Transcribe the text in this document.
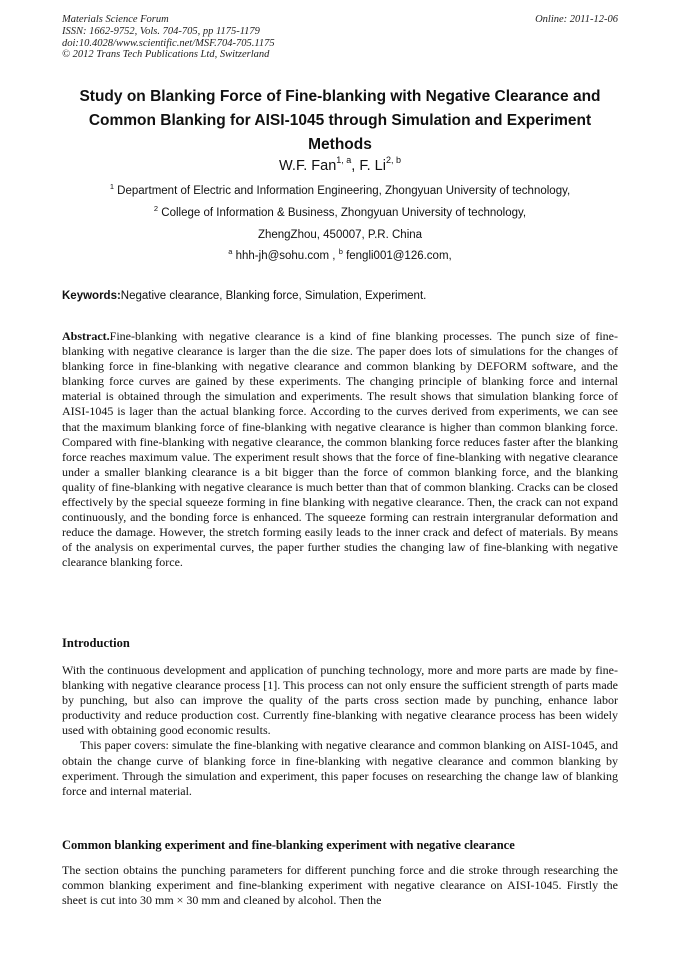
Materials Science Forum
ISSN: 1662-9752, Vols. 704-705, pp 1175-1179
doi:10.4028/www.scientific.net/MSF.704-705.1175
© 2012 Trans Tech Publications Ltd, Switzerland
Online: 2011-12-06
Study on Blanking Force of Fine-blanking with Negative Clearance and Common Blanking for AISI-1045 through Simulation and Experiment Methods
W.F. Fan$^{1, a}$, F. Li$^{2, b}$
$^1$ Department of Electric and Information Engineering, Zhongyuan University of technology,
$^2$ College of Information & Business, Zhongyuan University of technology,
ZhengZhou, 450007, P.R. China
$^a$ hhh-jh@sohu.com , $^b$ fengli001@126.com,
Keywords:Negative clearance, Blanking force, Simulation, Experiment.
Abstract.Fine-blanking with negative clearance is a kind of fine blanking processes. The punch size of fine-blanking with negative clearance is larger than the die size. The paper does lots of simulations for the changes of blanking force in fine-blanking with negative clearance and common blanking by DEFORM software, and the blanking force curves are gained by these experiments. The changing principle of blanking force and internal material is obtained through the simulation and experiments. The result shows that simulation blanking force of AISI-1045 is lager than the actual blanking force. According to the curves derived from experiments, we can see that the maximum blanking force of fine-blanking with negative clearance is higher than common blanking force. Compared with fine-blanking with negative clearance, the common blanking force reduces faster after the blanking force reaches maximum value. The experiment result shows that the force of fine-blanking with negative clearance under a smaller blanking clearance is a bit bigger than the force of common blanking force, and the blanking quality of fine-blanking with negative clearance is much better than that of common blanking. Cracks can be closed effectively by the special squeeze forming in fine blanking with negative clearance. Then, the crack can not expand continuously, and the bonding force is enhanced. The squeeze forming can restrain intergranular deformation and reduce the damage. However, the stretch forming easily leads to the inner crack and defect of materials. By means of the analysis on experimental curves, the paper further studies the changing law of fine-blanking with negative clearance blanking force.
Introduction

With the continuous development and application of punching technology, more and more parts are made by fine-blanking with negative clearance process [1]. This process can not only ensure the sufficient strength of parts made by punching, but also can improve the quality of the parts cross section made by punching, enhance labor productivity and reduce production cost. Currently fine-blanking with negative clearance process has been widely used with obtaining good economic results.

This paper covers: simulate the fine-blanking with negative clearance and common blanking on AISI-1045, and obtain the change curve of blanking force in fine-blanking with negative clearance and common blanking by experiment. Through the simulation and experiment, this paper focuses on researching the change law of blanking force and internal material.

Common blanking experiment and fine-blanking experiment with negative clearance

The section obtains the punching parameters for different punching force and die stroke through researching the common blanking experiment and fine-blanking experiment with negative clearance on AISI-1045. Firstly the sheet is cut into 30 mm × 30 mm and cleaned by alcohol. Then the
